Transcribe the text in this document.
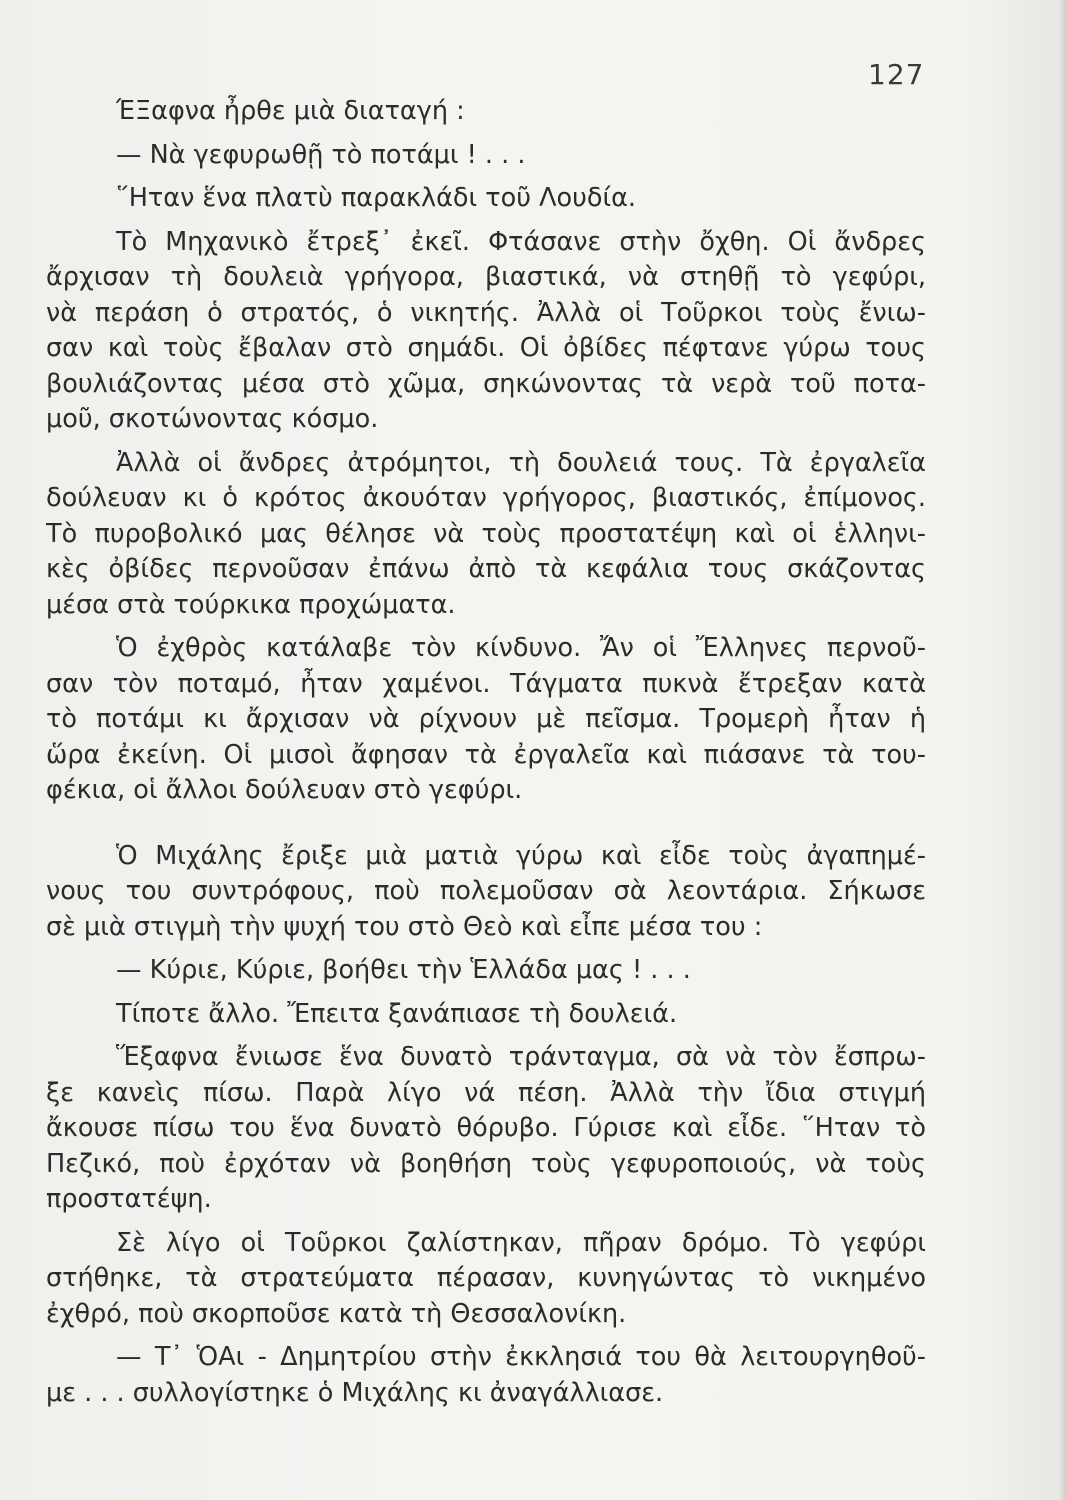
127
ΈΞαφνα ἦρθε μιὰ διαταγή :
— Νὰ γεφυρωθῇ τὸ ποτάμι ! . . .
῞Ηταν ἕνα πλατὺ παρακλάδι τοῦ Λουδία.
Τὸ Μηχανικὸ ἔτρεξ᾽ ἐκεῖ. Φτάσανε στὴν ὄχθη. Οἱ ἄνδρες
ἄρχισαν τὴ δουλειὰ γρήγορα, βιαστικά, νὰ στηθῇ τὸ γεφύρι,
νὰ περάση ὁ στρατός, ὁ νικητής. Ἀλλὰ οἱ Τοῦρκοι τοὺς ἔνιω-
σαν καὶ τοὺς ἔβαλαν στὸ σημάδι. Οἱ ὀβίδες πέφτανε γύρω τους
βουλιάζοντας μέσα στὸ χῶμα, σηκώνοντας τὰ νερὰ τοῦ ποτα-
μοῦ, σκοτώνοντας κόσμο.
Ἀλλὰ οἱ ἄνδρες ἀτρόμητοι, τὴ δουλειά τους. Τὰ ἐργαλεῖα
δούλευαν κι ὁ κρότος ἀκουόταν γρήγορος, βιαστικός, ἐπίμονος.
Τὸ πυροβολικό μας θέλησε νὰ τοὺς προστατέψη καὶ οἱ ἑλληνι-
κὲς ὀβίδες περνοῦσαν ἐπάνω ἀπὸ τὰ κεφάλια τους σκάζοντας
μέσα στὰ τούρκικα προχώματα.
Ὁ ἐχθρὸς κατάλαβε τὸν κίνδυνο. Ἄν οἱ Ἔλληνες περνοῦ-
σαν τὸν ποταμό, ἦταν χαμένοι. Τάγματα πυκνὰ ἔτρεξαν κατὰ
τὸ ποτάμι κι ἄρχισαν νὰ ρίχνουν μὲ πεῖσμα. Τρομερὴ ἦταν ἡ
ὥρα ἐκείνη. Οἱ μισοὶ ἄφησαν τὰ ἐργαλεῖα καὶ πιάσανε τὰ του-
φέκια, οἱ ἄλλοι δούλευαν στὸ γεφύρι.
Ὁ Μιχάλης ἔριξε μιὰ ματιὰ γύρω καὶ εἶδε τοὺς ἀγαπημέ-
νους του συντρόφους, ποὺ πολεμοῦσαν σὰ λεοντάρια. Σήκωσε
σὲ μιὰ στιγμὴ τὴν ψυχή του στὸ Θεὸ καὶ εἶπε μέσα του :
— Κύριε, Κύριε, βοήθει τὴν Ἑλλάδα μας ! . . .
Τίποτε ἄλλο. Ἔπειτα ξανάπιασε τὴ δουλειά.
Ἕξαφνα ἔνιωσε ἕνα δυνατὸ τράνταγμα, σὰ νὰ τὸν ἔσπρω-
ξε κανεὶς πίσω. Παρὰ λίγο νά πέση. Ἀλλὰ τὴν ἴδια στιγμή
ἄκουσε πίσω του ἕνα δυνατὸ θόρυβο. Γύρισε καὶ εἶδε. ῞Ηταν τὸ
Πεζικό, ποὺ ἐρχόταν νὰ βοηθήση τοὺς γεφυροποιούς, νὰ τοὺς
προστατέψη.
Σὲ λίγο οἱ Τοῦρκοι ζαλίστηκαν, πῆραν δρόμο. Τὸ γεφύρι
στήθηκε, τὰ στρατεύματα πέρασαν, κυνηγώντας τὸ νικημένο
ἐχθρό, ποὺ σκορποῦσε κατὰ τὴ Θεσσαλονίκη.
— Τ᾽ ὉΑι - Δημητρίου στὴν ἐκκλησιά του θὰ λειτουργηθοῦ-
με . . . συλλογίστηκε ὁ Μιχάλης κι ἀναγάλλιασε.
